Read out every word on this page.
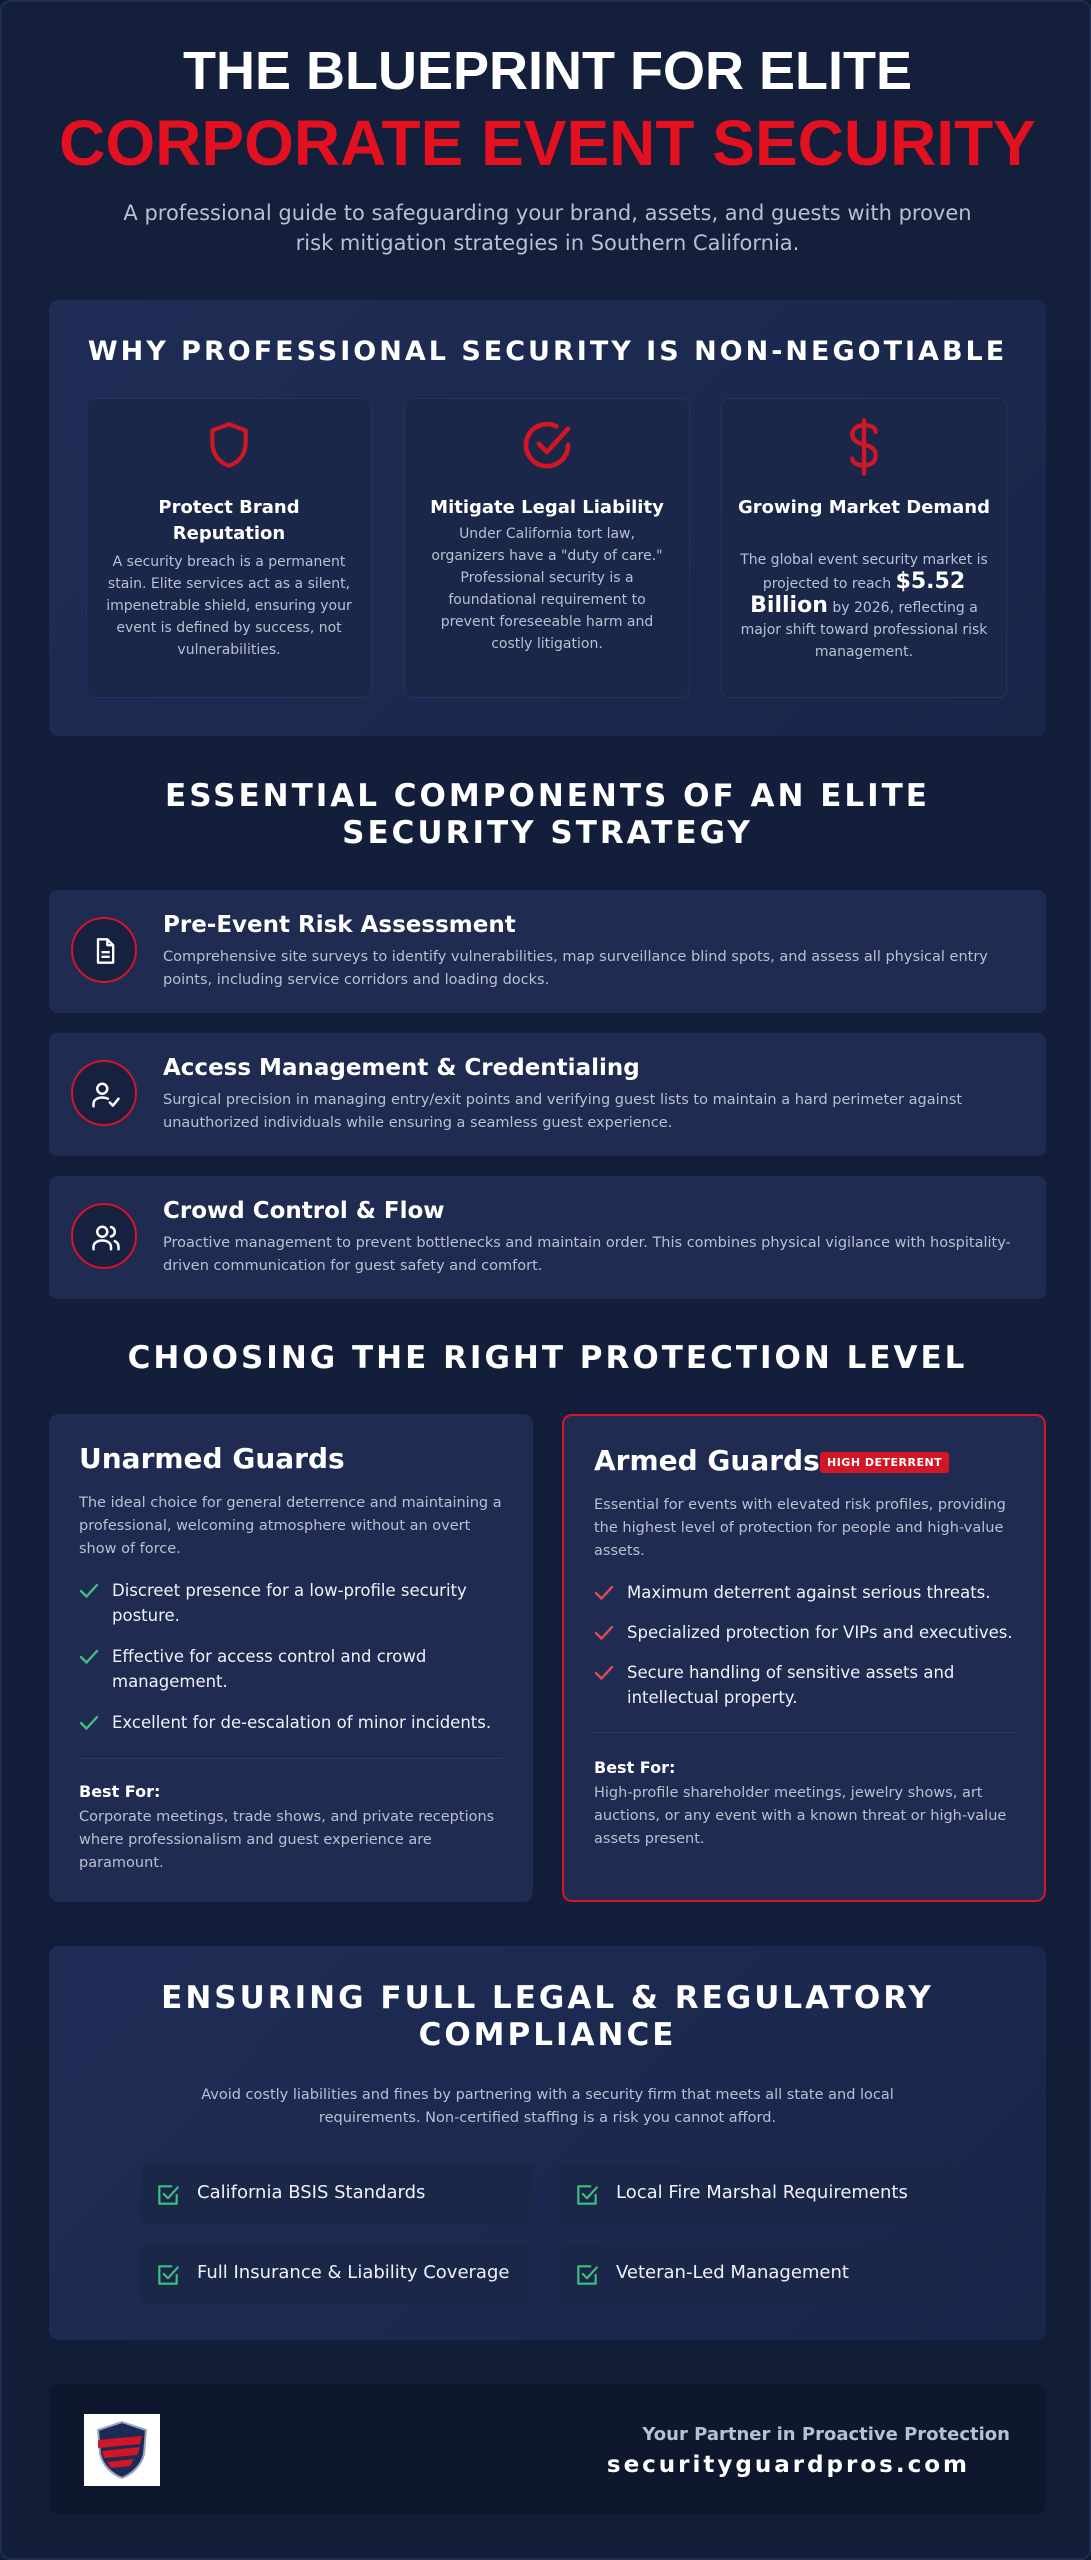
THE BLUEPRINT FOR ELITE
CORPORATE EVENT SECURITY
A professional guide to safeguarding your brand, assets, and guests with proven risk mitigation strategies in Southern California.
WHY PROFESSIONAL SECURITY IS NON-NEGOTIABLE
Protect Brand Reputation
A security breach is a permanent stain. Elite services act as a silent, impenetrable shield, ensuring your event is defined by success, not vulnerabilities.
Mitigate Legal Liability
Under California tort law, organizers have a "duty of care." Professional security is a foundational requirement to prevent foreseeable harm and costly litigation.
Growing Market Demand
The global event security market is projected to reach $5.52 Billion by 2026, reflecting a major shift toward professional risk management.
ESSENTIAL COMPONENTS OF AN ELITE SECURITY STRATEGY
Pre-Event Risk Assessment
Comprehensive site surveys to identify vulnerabilities, map surveillance blind spots, and assess all physical entry points, including service corridors and loading docks.
Access Management & Credentialing
Surgical precision in managing entry/exit points and verifying guest lists to maintain a hard perimeter against unauthorized individuals while ensuring a seamless guest experience.
Crowd Control & Flow
Proactive management to prevent bottlenecks and maintain order. This combines physical vigilance with hospitality-driven communication for guest safety and comfort.
CHOOSING THE RIGHT PROTECTION LEVEL
Unarmed Guards
The ideal choice for general deterrence and maintaining a professional, welcoming atmosphere without an overt show of force.
Discreet presence for a low-profile security posture.
Effective for access control and crowd management.
Excellent for de-escalation of minor incidents.
Best For:
Corporate meetings, trade shows, and private receptions where professionalism and guest experience are paramount.
Armed Guards HIGH DETERRENT
Essential for events with elevated risk profiles, providing the highest level of protection for people and high-value assets.
Maximum deterrent against serious threats.
Specialized protection for VIPs and executives.
Secure handling of sensitive assets and intellectual property.
Best For:
High-profile shareholder meetings, jewelry shows, art auctions, or any event with a known threat or high-value assets present.
ENSURING FULL LEGAL & REGULATORY COMPLIANCE
Avoid costly liabilities and fines by partnering with a security firm that meets all state and local requirements. Non-certified staffing is a risk you cannot afford.
California BSIS Standards	Local Fire Marshal Requirements
Full Insurance & Liability Coverage	Veteran-Led Management
Your Partner in Proactive Protection
securityguardpros.com
